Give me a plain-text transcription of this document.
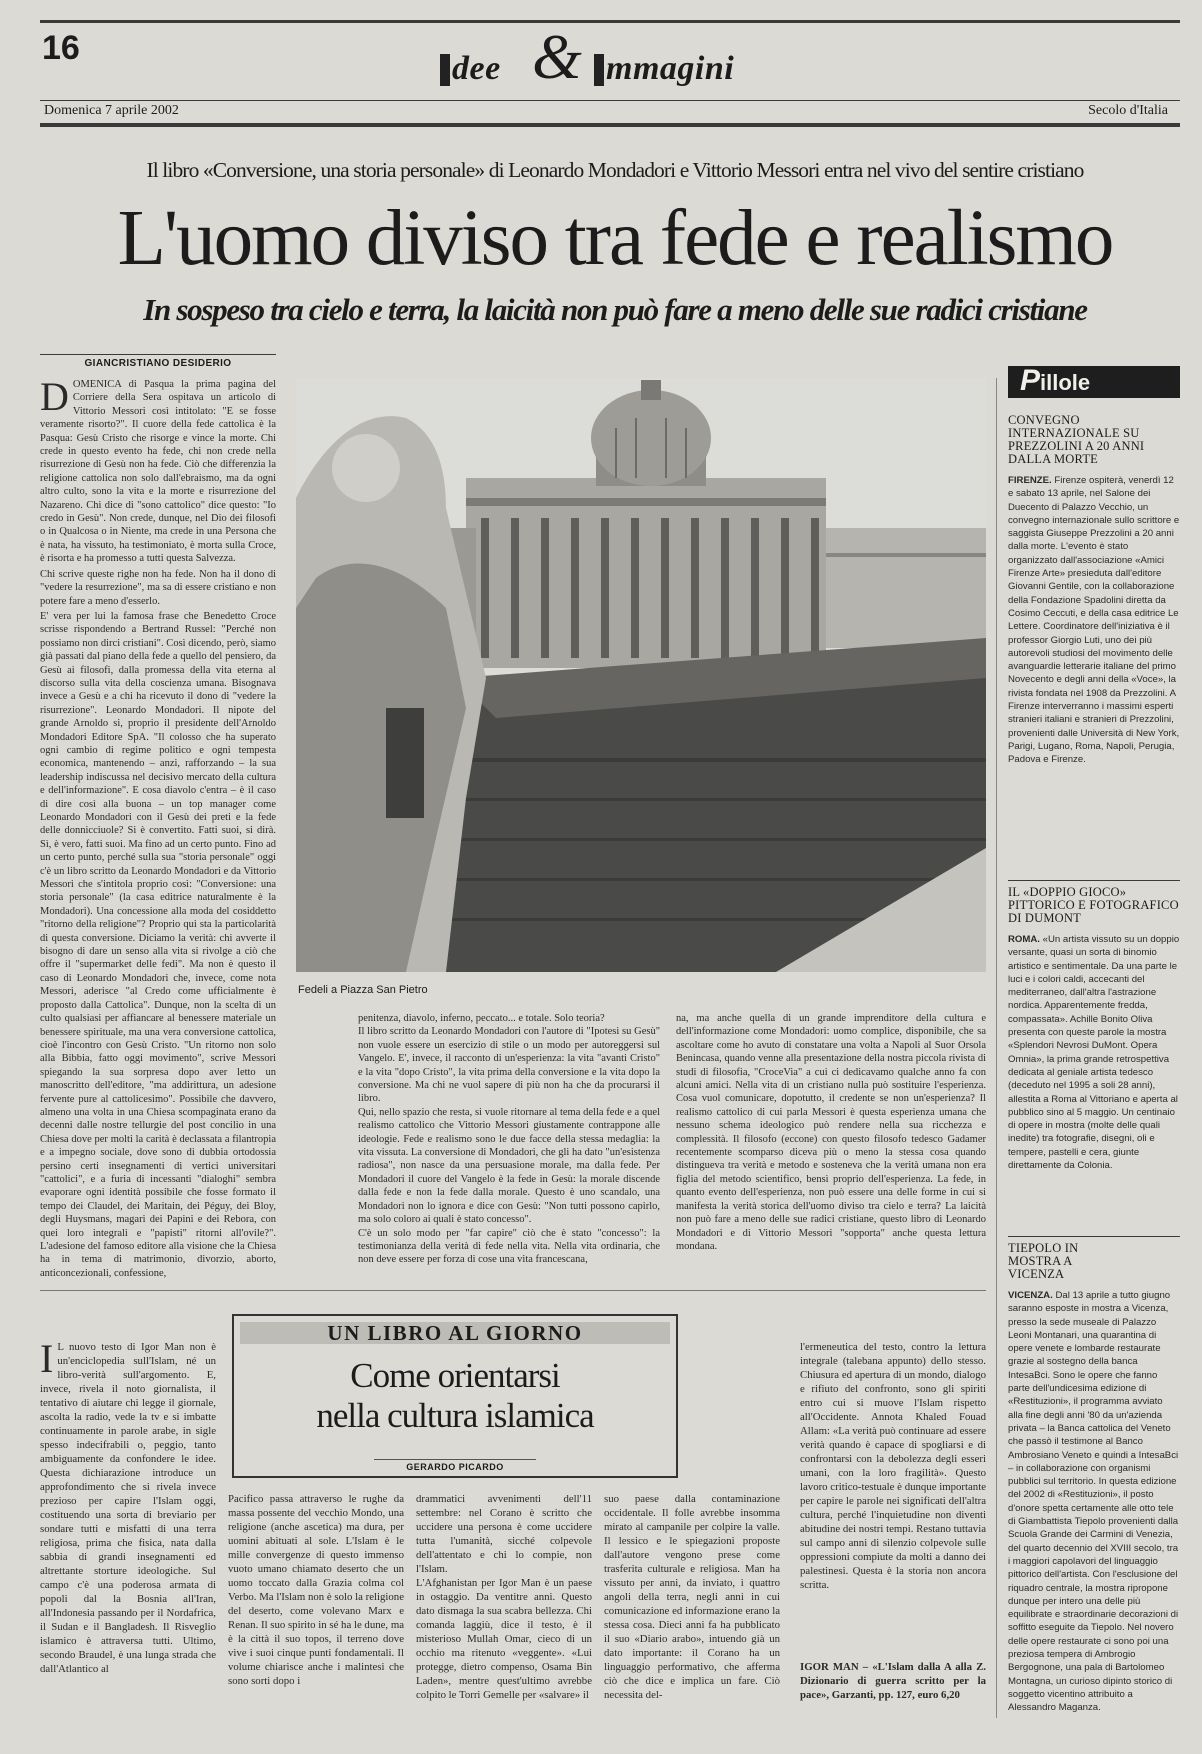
16
dee & mmagini
Domenica 7 aprile 2002	Secolo d'Italia
Il libro «Conversione, una storia personale» di Leonardo Mondadori e Vittorio Messori entra nel vivo del sentire cristiano
L'uomo diviso tra fede e realismo
In sospeso tra cielo e terra, la laicità non può fare a meno delle sue radici cristiane
GIANCRISTIANO DESIDERIO

DOMENICA di Pasqua la prima pagina del Corriere della Sera ospitava un articolo di Vittorio Messori così intitolato: "E se fosse veramente risorto?". Il cuore della fede cattolica è la Pasqua: Gesù Cristo che risorge e vince la morte. Chi crede in questo evento ha fede, chi non crede nella risurrezione di Gesù non ha fede. Ciò che differenzia la religione cattolica non solo dall'ebraismo, ma da ogni altro culto, sono la vita e la morte e risurrezione del Nazareno. Chi dice di "sono cattolico" dice questo: "Io credo in Gesù". Non crede, dunque, nel Dio dei filosofi o in Qualcosa o in Niente, ma crede in una Persona che è nata, ha vissuto, ha testimoniato, è morta sulla Croce, è risorta e ha promesso a tutti questa Salvezza.

Chi scrive queste righe non ha fede. Non ha il dono di "vedere la resurrezione", ma sa di essere cristiano e non potere fare a meno d'esserlo.

E' vera per lui la famosa frase che Benedetto Croce scrisse rispondendo a Bertrand Russel: "Perché non possiamo non dirci cristiani". Così dicendo, però, siamo già passati dal piano della fede a quello del pensiero, da Gesù ai filosofi, dalla promessa della vita eterna al discorso sulla vita della coscienza umana. Bisognava invece a Gesù e a chi ha ricevuto il dono di "vedere la risurrezione". Leonardo Mondadori. Il nipote del grande Arnoldo si, proprio il presidente dell'Arnoldo Mondadori Editore SpA. "Il colosso che ha superato ogni cambio di regime politico e ogni tempesta economica, mantenendo – anzi, rafforzando – la sua leadership indiscussa nel decisivo mercato della cultura e dell'informazione". E cosa diavolo c'entra – è il caso di dire così alla buona – un top manager come Leonardo Mondadori con il Gesù dei preti e la fede delle donnicciuole? Si è convertito. Fatti suoi, si dirà. Sì, è vero, fatti suoi. Ma fino ad un certo punto. Fino ad un certo punto, perché sulla sua "storia personale" oggi c'è un libro scritto da Leonardo Mondadori e da Vittorio Messori che s'intitola proprio così: "Conversione: una storia personale" (la casa editrice naturalmente è la Mondadori). Una concessione alla moda del cosiddetto "ritorno della religione"? Proprio qui sta la particolarità di questa conversione. Diciamo la verità: chi avverte il bisogno di dare un senso alla vita si rivolge a ciò che offre il "supermarket delle fedi". Ma non è questo il caso di Leonardo Mondadori che, invece, come nota Messori, aderisce "al Credo come ufficialmente è proposto dalla Cattolica". Dunque, non la scelta di un culto qualsiasi per affiancare al benessere materiale un benessere spirituale, ma una vera conversione cattolica, cioè l'incontro con Gesù Cristo. "Un ritorno non solo alla Bibbia, fatto oggi movimento", scrive Messori spiegando la sua sorpresa dopo aver letto un manoscritto dell'editore, "ma addirittura, un adesione fervente pure al cattolicesimo". Possibile che davvero, almeno una volta in una Chiesa scompaginata erano da decenni dalle nostre tellurgie del post concilio in una Chiesa dove per molti la carità è declassata a filantropia e a impegno sociale, dove sono di dubbia ortodossia persino certi insegnamenti di vertici universitari "cattolici", e a furia di incessanti "dialoghi" sembra evaporare ogni identità possibile che fosse formato il tempo dei Claudel, dei Maritain, dei Péguy, dei Bloy, degli Huysmans, magari dei Papini e dei Rebora, con quei loro integrali e "papisti" ritorni all'ovile?". L'adesione del famoso editore alla visione che la Chiesa ha in tema di matrimonio, divorzio, aborto, anticoncezionali, confessione,

Fedeli a Piazza San Pietro
penitenza, diavolo, inferno, peccato... e totale. Solo teoria?
Il libro scritto da Leonardo Mondadori con l'autore di "Ipotesi su Gesù" non vuole essere un esercizio di stile o un modo per autoreggersi sul Vangelo. E', invece, il racconto di un'esperienza: la vita "avanti Cristo" e la vita "dopo Cristo", la vita prima della conversione e la vita dopo la conversione. Ma chi ne vuol sapere di più non ha che da procurarsi il libro.
Qui, nello spazio che resta, si vuole ritornare al tema della fede e a quel realismo cattolico che Vittorio Messori giustamente contrappone alle ideologie. Fede e realismo sono le due facce della stessa medaglia: la vita vissuta. La conversione di Mondadori, che gli ha dato "un'esistenza radiosa", non nasce da una persuasione morale, ma dalla fede. Per Mondadori il cuore del Vangelo è la fede in Gesù: la morale discende dalla fede e non la fede dalla morale. Questo è uno scandalo, una Mondadori non lo ignora e dice con Gesù: "Non tutti possono capirlo, ma solo coloro ai quali è stato concesso".
C'è un solo modo per "far capire" ciò che è stato "concesso": la testimonianza della verità di fede nella vita. Nella vita ordinaria, che non deve essere per forza di cose una vita francescana,
na, ma anche quella di un grande imprenditore della cultura e dell'informazione come Mondadori: uomo complice, disponibile, che sa ascoltare come ho avuto di constatare una volta a Napoli al Suor Orsola Benincasa, quando venne alla presentazione della nostra piccola rivista di studi di filosofia, "CroceVia" a cui ci dedicavamo qualche anno fa con alcuni amici. Nella vita di un cristiano nulla può sostituire l'esperienza. Cosa vuol comunicare, dopotutto, il credente se non un'esperienza? Il realismo cattolico di cui parla Messori è questa esperienza umana che nessuno schema ideologico può rendere nella sua ricchezza e complessità. Il filosofo (eccone) con questo filosofo tedesco Gadamer recentemente scomparso diceva più o meno la stessa cosa quando distingueva tra verità e metodo e sosteneva che la verità umana non era figlia del metodo scientifico, bensì proprio dell'esperienza. La fede, in quanto evento dell'esperienza, non può essere una delle forme in cui si manifesta la verità storica dell'uomo diviso tra cielo e terra? La laicità non può fare a meno delle sue radici cristiane, questo libro di Leonardo Mondadori e di Vittorio Messori "sopporta" anche questa lettura mondana.
P illole
CONVEGNO INTERNAZIONALE SU PREZZOLINI A 20 ANNI DALLA MORTE
FIRENZE. Firenze ospiterà, venerdì 12 e sabato 13 aprile, nel Salone dei Duecento di Palazzo Vecchio, un convegno internazionale sullo scrittore e saggista Giuseppe Prezzolini a 20 anni dalla morte. L'evento è stato organizzato dall'associazione «Amici Firenze Arte» presieduta dall'editore Giovanni Gentile, con la collaborazione della Fondazione Spadolini diretta da Cosimo Ceccuti, e della casa editrice Le Lettere. Coordinatore dell'iniziativa è il professor Giorgio Luti, uno dei più autorevoli studiosi del movimento delle avanguardie letterarie italiane del primo Novecento e degli anni della «Voce», la rivista fondata nel 1908 da Prezzolini. A Firenze interverranno i massimi esperti stranieri italiani e stranieri di Prezzolini, provenienti dalle Università di New York, Parigi, Lugano, Roma, Napoli, Perugia, Padova e Firenze.
IL «DOPPIO GIOCO» PITTORICO E FOTOGRAFICO DI DUMONT
ROMA. «Un artista vissuto su un doppio versante, quasi un sorta di binomio artistico e sentimentale. Da una parte le luci e i colori caldi, accecanti del mediterraneo, dall'altra l'astrazione nordica. Apparentemente fredda, compassata». Achille Bonito Oliva presenta con queste parole la mostra «Splendori Nevrosi DuMont. Opera Omnia», la prima grande retrospettiva dedicata al geniale artista tedesco (deceduto nel 1995 a soli 28 anni), allestita a Roma al Vittoriano e aperta al pubblico sino al 5 maggio. Un centinaio di opere in mostra (molte delle quali inedite) tra fotografie, disegni, oli e tempere, pastelli e cera, giunte direttamente da Colonia.
TIEPOLO IN MOSTRA A VICENZA
VICENZA. Dal 13 aprile a tutto giugno saranno esposte in mostra a Vicenza, presso la sede museale di Palazzo Leoni Montanari, una quarantina di opere venete e lombarde restaurate grazie al sostegno della banca IntesaBci. Sono le opere che fanno parte dell'undicesima edizione di «Restituzioni», il programma avviato alla fine degli anni '80 da un'azienda privata – la Banca cattolica del Veneto che passò il testimone al Banco Ambrosiano Veneto e quindi a IntesaBci – in collaborazione con organismi pubblici sul territorio. In questa edizione del 2002 di «Restituzioni», il posto d'onore spetta certamente alle otto tele di Giambattista Tiepolo provenienti dalla Scuola Grande dei Carmini di Venezia, del quarto decennio del XVIII secolo, tra i maggiori capolavori del linguaggio pittorico dell'artista. Con l'esclusione del riquadro centrale, la mostra ripropone dunque per intero una delle più equilibrate e straordinarie decorazioni di soffitto eseguite da Tiepolo. Nel novero delle opere restaurate ci sono poi una preziosa tempera di Ambrogio Bergognone, una pala di Bartolomeo Montagna, un curioso dipinto storico di soggetto vicentino attribuito a Alessandro Maganza.
UN LIBRO AL GIORNO
Come orientarsi
nella cultura islamica
GERARDO PICARDO
I L nuovo testo di Igor Man non è un'enciclopedia sull'Islam, né un libro-verità sull'argomento. E, invece, rivela il noto giornalista, il tentativo di aiutare chi legge il giornale, ascolta la radio, vede la tv e si imbatte continuamente in parole arabe, in sigle spesso indecifrabili o, peggio, tanto ambiguamente da confondere le idee. Questa dichiarazione introduce un approfondimento che si rivela invece prezioso per capire l'Islam oggi, costituendo una sorta di breviario per sondare tutti e misfatti di una terra religiosa, prima che fisica, nata dalla sabbia di grandi insegnamenti ed altrettante storture ideologiche. Sul campo c'è una poderosa armata di popoli dal la Bosnia all'Iran, all'Indonesia passando per il Nordafrica, il Sudan e il Bangladesh. Il Risveglio islamico è attraversa tutti. Ultimo, secondo Braudel, è una lunga strada che dall'Atlantico al
Pacifico passa attraverso le rughe da massa possente del vecchio Mondo, una religione (anche ascetica) ma dura, per uomini abituati al sole. L'Islam è le mille convergenze di questo immenso vuoto umano chiamato deserto che un uomo toccato dalla Grazia colma col Verbo. Ma l'Islam non è solo la religione del deserto, come volevano Marx e Renan. Il suo spirito in sé ha le dune, ma è la città il suo topos, il terreno dove vive i suoi cinque punti fondamentali. Il volume chiarisce anche i malintesi che sono sorti dopo i
drammatici avvenimenti dell'11 settembre: nel Corano è scritto che uccidere una persona è come uccidere tutta l'umanità, sicché colpevole dell'attentato e chi lo compie, non l'Islam.
L'Afghanistan per Igor Man è un paese in ostaggio. Da ventitre anni. Questo dato dismaga la sua scabra bellezza. Chi comanda laggiù, dice il testo, è il misterioso Mullah Omar, cieco di un occhio ma ritenuto «veggente». «Lui protegge, dietro compenso, Osama Bin Laden», mentre quest'ultimo avrebbe colpito le Torri Gemelle per «salvare» il
suo paese dalla contaminazione occidentale. Il folle avrebbe insomma mirato al campanile per colpire la valle. Il lessico e le spiegazioni proposte dall'autore vengono prese come trasferita culturale e religiosa. Man ha vissuto per anni, da inviato, i quattro angoli della terra, negli anni in cui comunicazione ed informazione erano la stessa cosa. Dieci anni fa ha pubblicato il suo «Diario arabo», intuendo già un dato importante: il Corano ha un linguaggio performativo, che afferma ciò che dice e implica un fare. Ciò necessita del-
l'ermeneutica del testo, contro la lettura integrale (talebana appunto) dello stesso. Chiusura ed apertura di un mondo, dialogo e rifiuto del confronto, sono gli spiriti entro cui si muove l'Islam rispetto all'Occidente. Annota Khaled Fouad Allam: «La verità può continuare ad essere verità quando è capace di spogliarsi e di confrontarsi con la debolezza degli esseri umani, con la loro fragilità». Questo lavoro critico-testuale è dunque importante per capire le parole nei significati dell'altra cultura, perché l'inquietudine non diventi abitudine dei nostri tempi. Restano tuttavia sul campo anni di silenzio colpevole sulle oppressioni compiute da molti a danno dei palestinesi. Questa è la storia non ancora scritta.
IGOR MAN – «L'Islam dalla A alla Z. Dizionario di guerra scritto per la pace», Garzanti, pp. 127, euro 6,20
